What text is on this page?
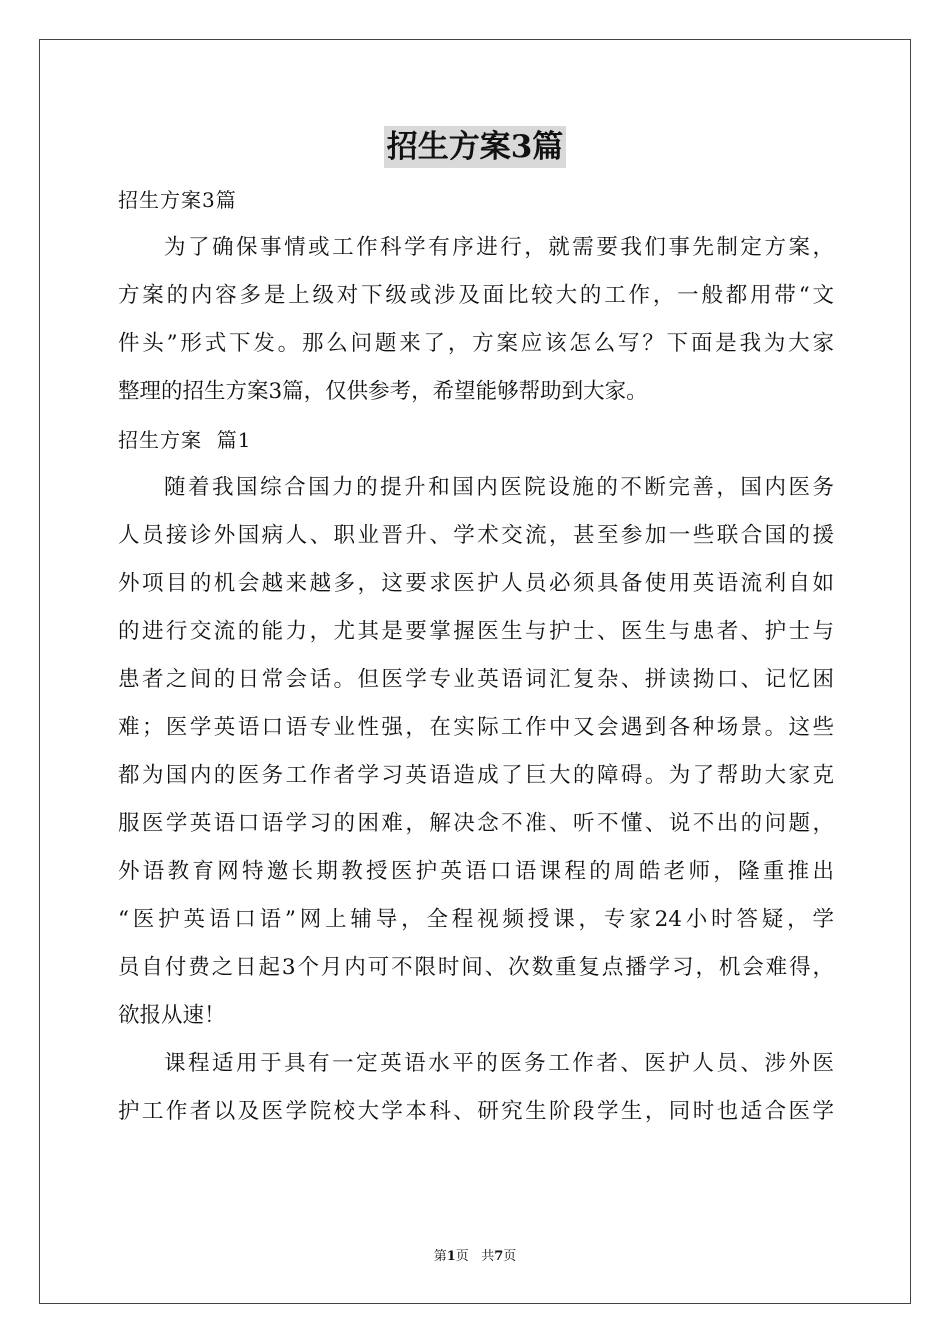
招生方案3篇

招生方案3篇

为了确保事情或工作科学有序进行，就需要我们事先制定方案，

方案的内容多是上级对下级或涉及面比较大的工作，一般都用带“文

件头”形式下发。那么问题来了，方案应该怎么写？下面是我为大家

整理的招生方案3篇，仅供参考，希望能够帮助到大家。

招生方案  篇1

随着我国综合国力的提升和国内医院设施的不断完善，国内医务

人员接诊外国病人、职业晋升、学术交流，甚至参加一些联合国的援

外项目的机会越来越多，这要求医护人员必须具备使用英语流利自如

的进行交流的能力，尤其是要掌握医生与护士、医生与患者、护士与

患者之间的日常会话。但医学专业英语词汇复杂、拼读拗口、记忆困

难；医学英语口语专业性强，在实际工作中又会遇到各种场景。这些

都为国内的医务工作者学习英语造成了巨大的障碍。为了帮助大家克

服医学英语口语学习的困难，解决念不准、听不懂、说不出的问题，

外语教育网特邀长期教授医护英语口语课程的周皓老师，隆重推出

“医护英语口语”网上辅导，全程视频授课，专家24小时答疑，学

员自付费之日起3个月内可不限时间、次数重复点播学习，机会难得，

欲报从速！

课程适用于具有一定英语水平的医务工作者、医护人员、涉外医

护工作者以及医学院校大学本科、研究生阶段学生，同时也适合医学

第1页 共7页
